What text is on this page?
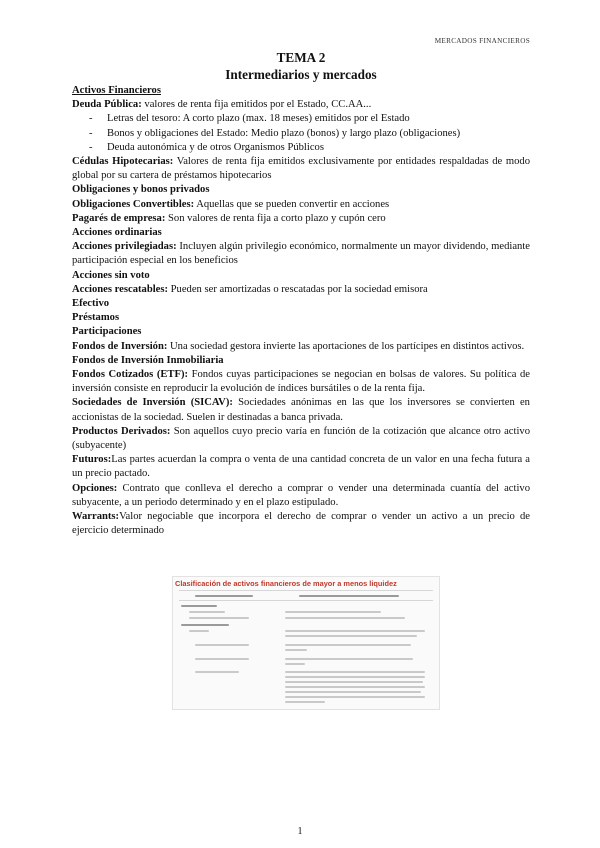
MERCADOS FINANCIEROS
TEMA 2
Intermediarios y mercados

Activos Financieros

Deuda Pública: valores de renta fija emitidos por el Estado, CC.AA...

- Letras del tesoro: A corto plazo (max. 18 meses) emitidos por el Estado
- Bonos y obligaciones del Estado: Medio plazo (bonos) y largo plazo (obligaciones)
- Deuda autonómica y de otros Organismos Públicos

Cédulas Hipotecarias: Valores de renta fija emitidos exclusivamente por entidades respaldadas de modo global por su cartera de préstamos hipotecarios

Obligaciones y bonos privados

Obligaciones Convertibles: Aquellas que se pueden convertir en acciones

Pagarés de empresa: Son valores de renta fija a corto plazo y cupón cero

Acciones ordinarias

Acciones privilegiadas: Incluyen algún privilegio económico, normalmente un mayor dividendo, mediante participación especial en los beneficios

Acciones sin voto

Acciones rescatables: Pueden ser amortizadas o rescatadas por la sociedad emisora

Efectivo

Préstamos

Participaciones

Fondos de Inversión: Una sociedad gestora invierte las aportaciones de los partícipes en distintos activos.

Fondos de Inversión Inmobiliaria

Fondos Cotizados (ETF): Fondos cuyas participaciones se negocian en bolsas de valores. Su política de inversión consiste en reproducir la evolución de índices bursátiles o de la renta fija.

Sociedades de Inversión (SICAV): Sociedades anónimas en las que los inversores se convierten en accionistas de la sociedad. Suelen ir destinadas a banca privada.

Productos Derivados: Son aquellos cuyo precio varía en función de la cotización que alcance otro activo (subyacente)

Futuros:Las partes acuerdan la compra o venta de una cantidad concreta de un valor en una fecha futura a un precio pactado.

Opciones: Contrato que conlleva el derecho a comprar o vender una determinada cuantía del activo subyacente, a un periodo determinado y en el plazo estipulado.

Warrants:Valor negociable que incorpora el derecho de comprar o vender un activo a un precio de ejercicio determinado

Clasificación de activos financieros de mayor a menos liquidez
1
